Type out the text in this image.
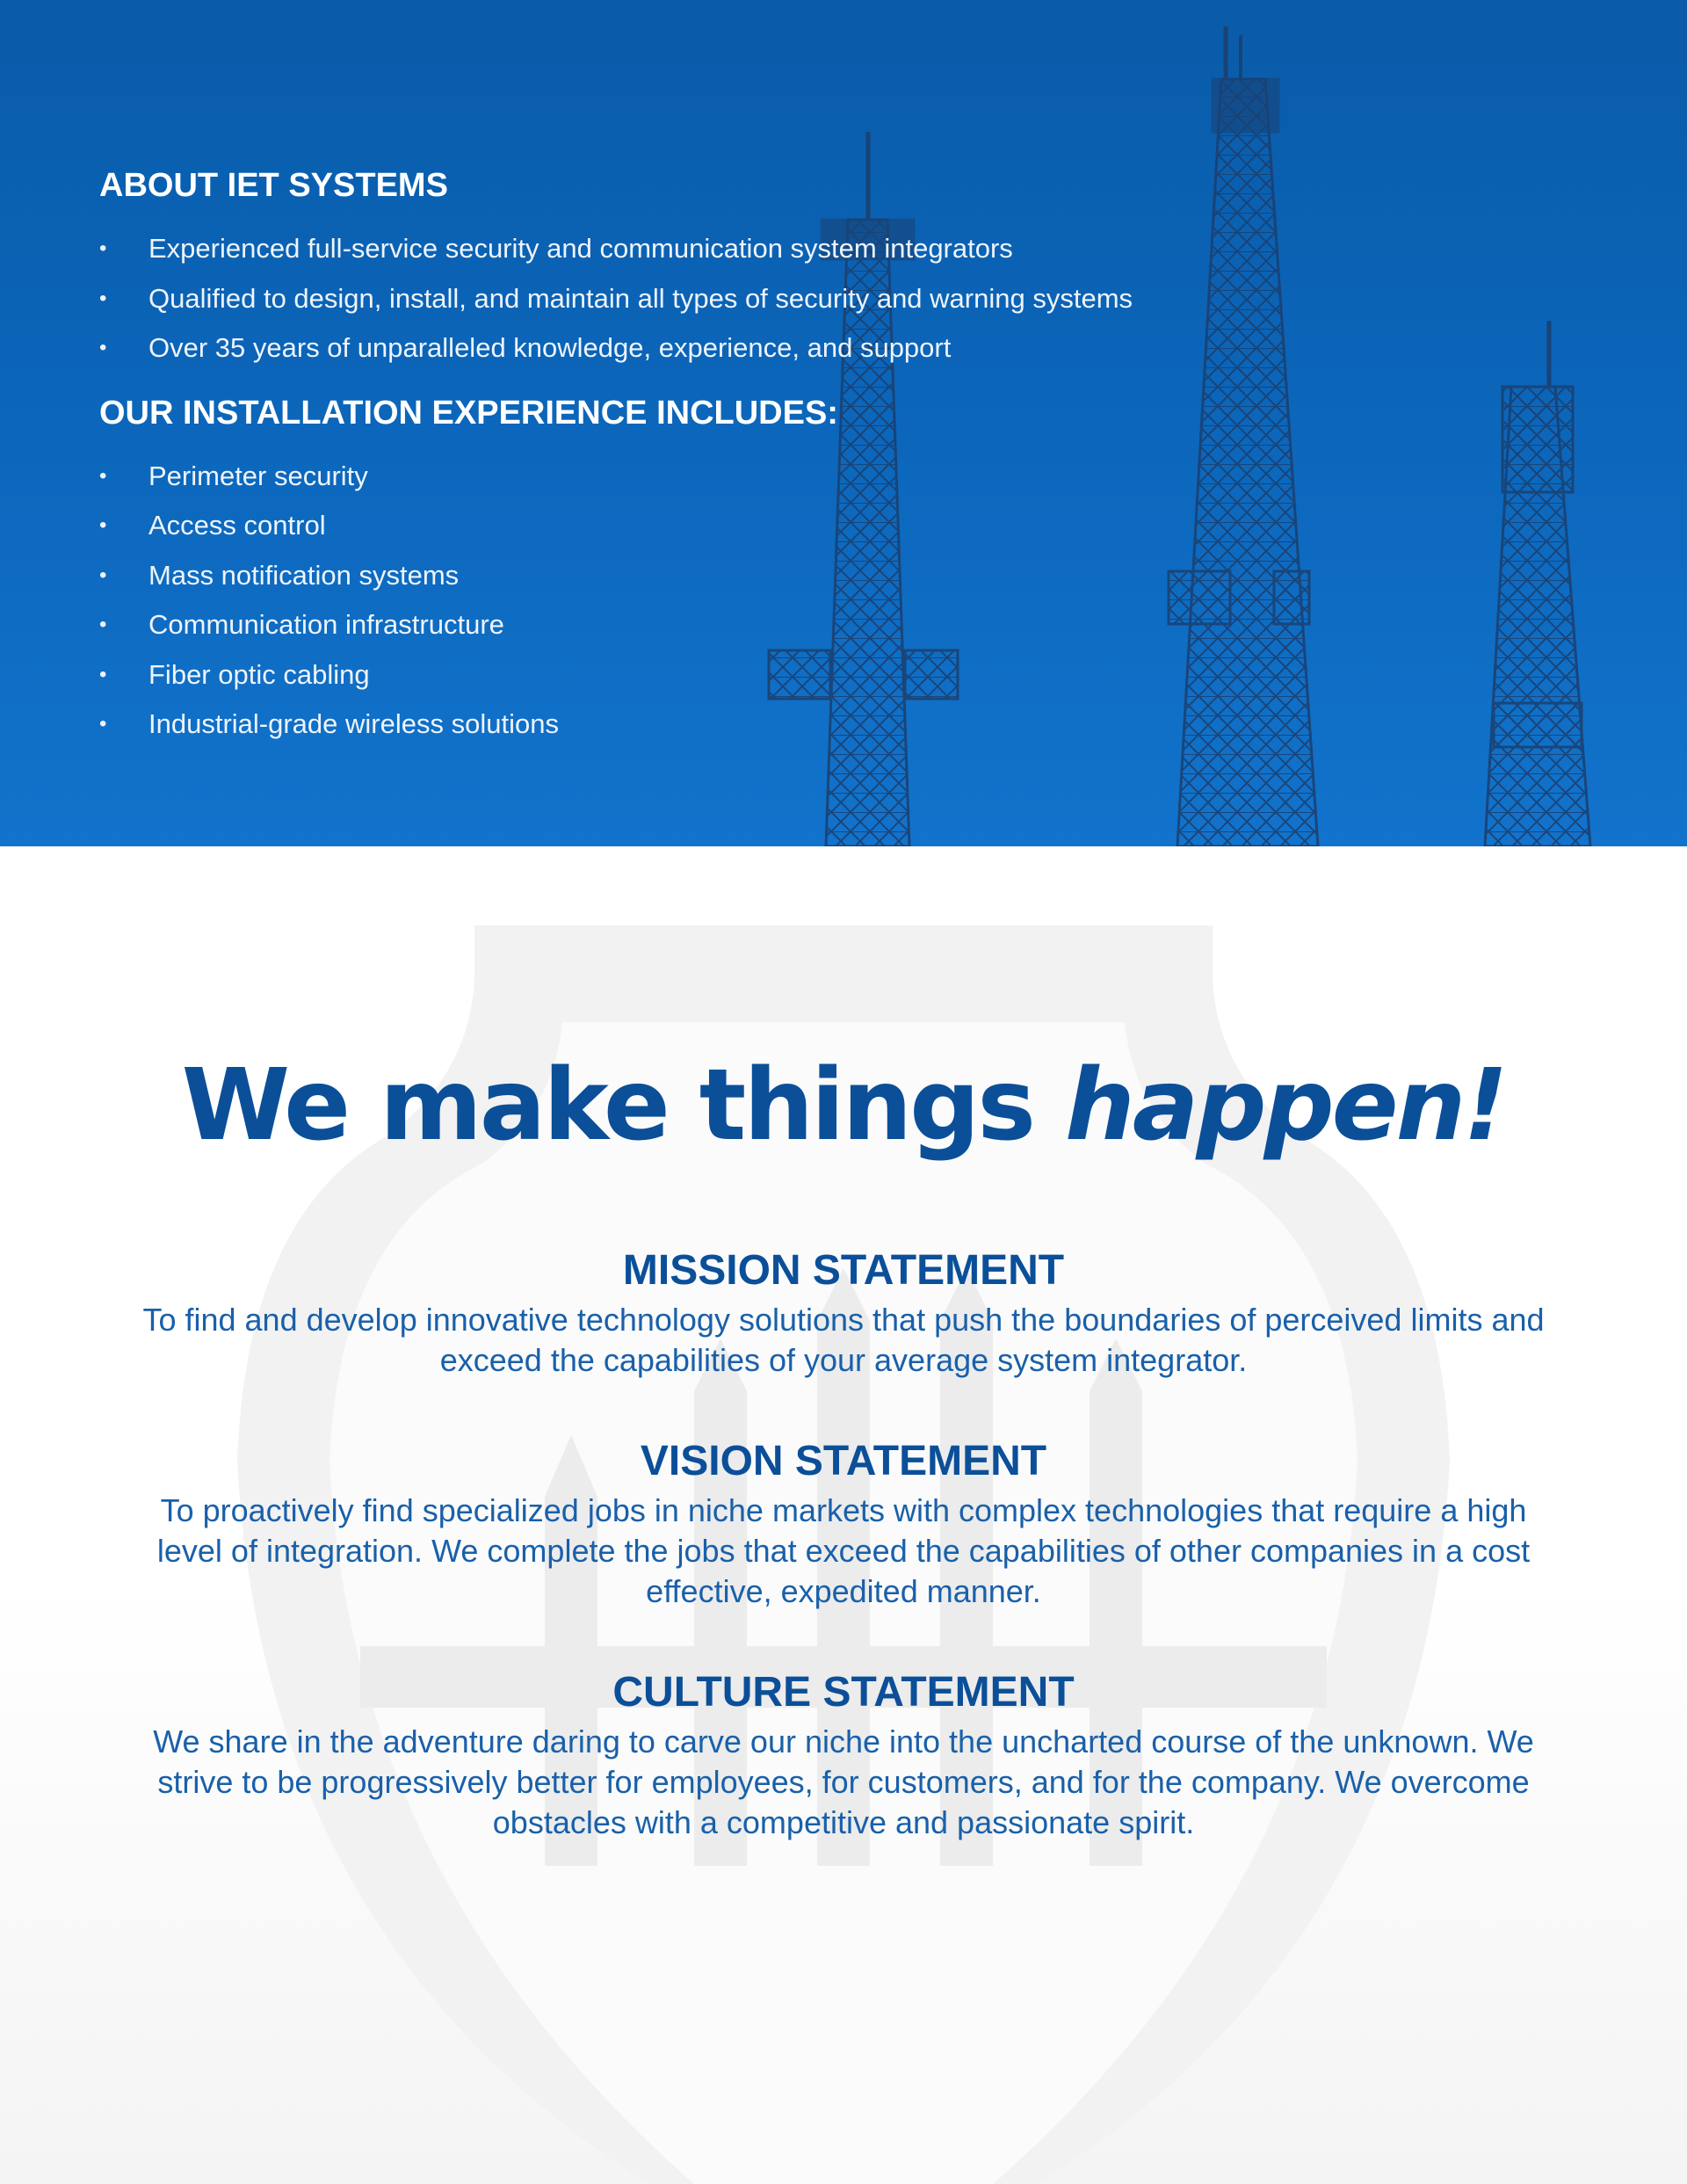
ABOUT IET SYSTEMS
• Experienced full-service security and communication system integrators
• Qualified to design, install, and maintain all types of security and warning systems
• Over 35 years of unparalleled knowledge, experience, and support
OUR INSTALLATION EXPERIENCE INCLUDES:
• Perimeter security
• Access control
• Mass notification systems
• Communication infrastructure
• Fiber optic cabling
• Industrial-grade wireless solutions
We make things happen!
MISSION STATEMENT

To find and develop innovative technology solutions that push the boundaries of perceived limits and exceed the capabilities of your average system integrator.

VISION STATEMENT

To proactively find specialized jobs in niche markets with complex technologies that require a high level of integration. We complete the jobs that exceed the capabilities of other companies in a cost effective, expedited manner.

CULTURE STATEMENT

We share in the adventure daring to carve our niche into the uncharted course of the unknown. We strive to be progressively better for employees, for customers, and for the company. We overcome obstacles with a competitive and passionate spirit.
